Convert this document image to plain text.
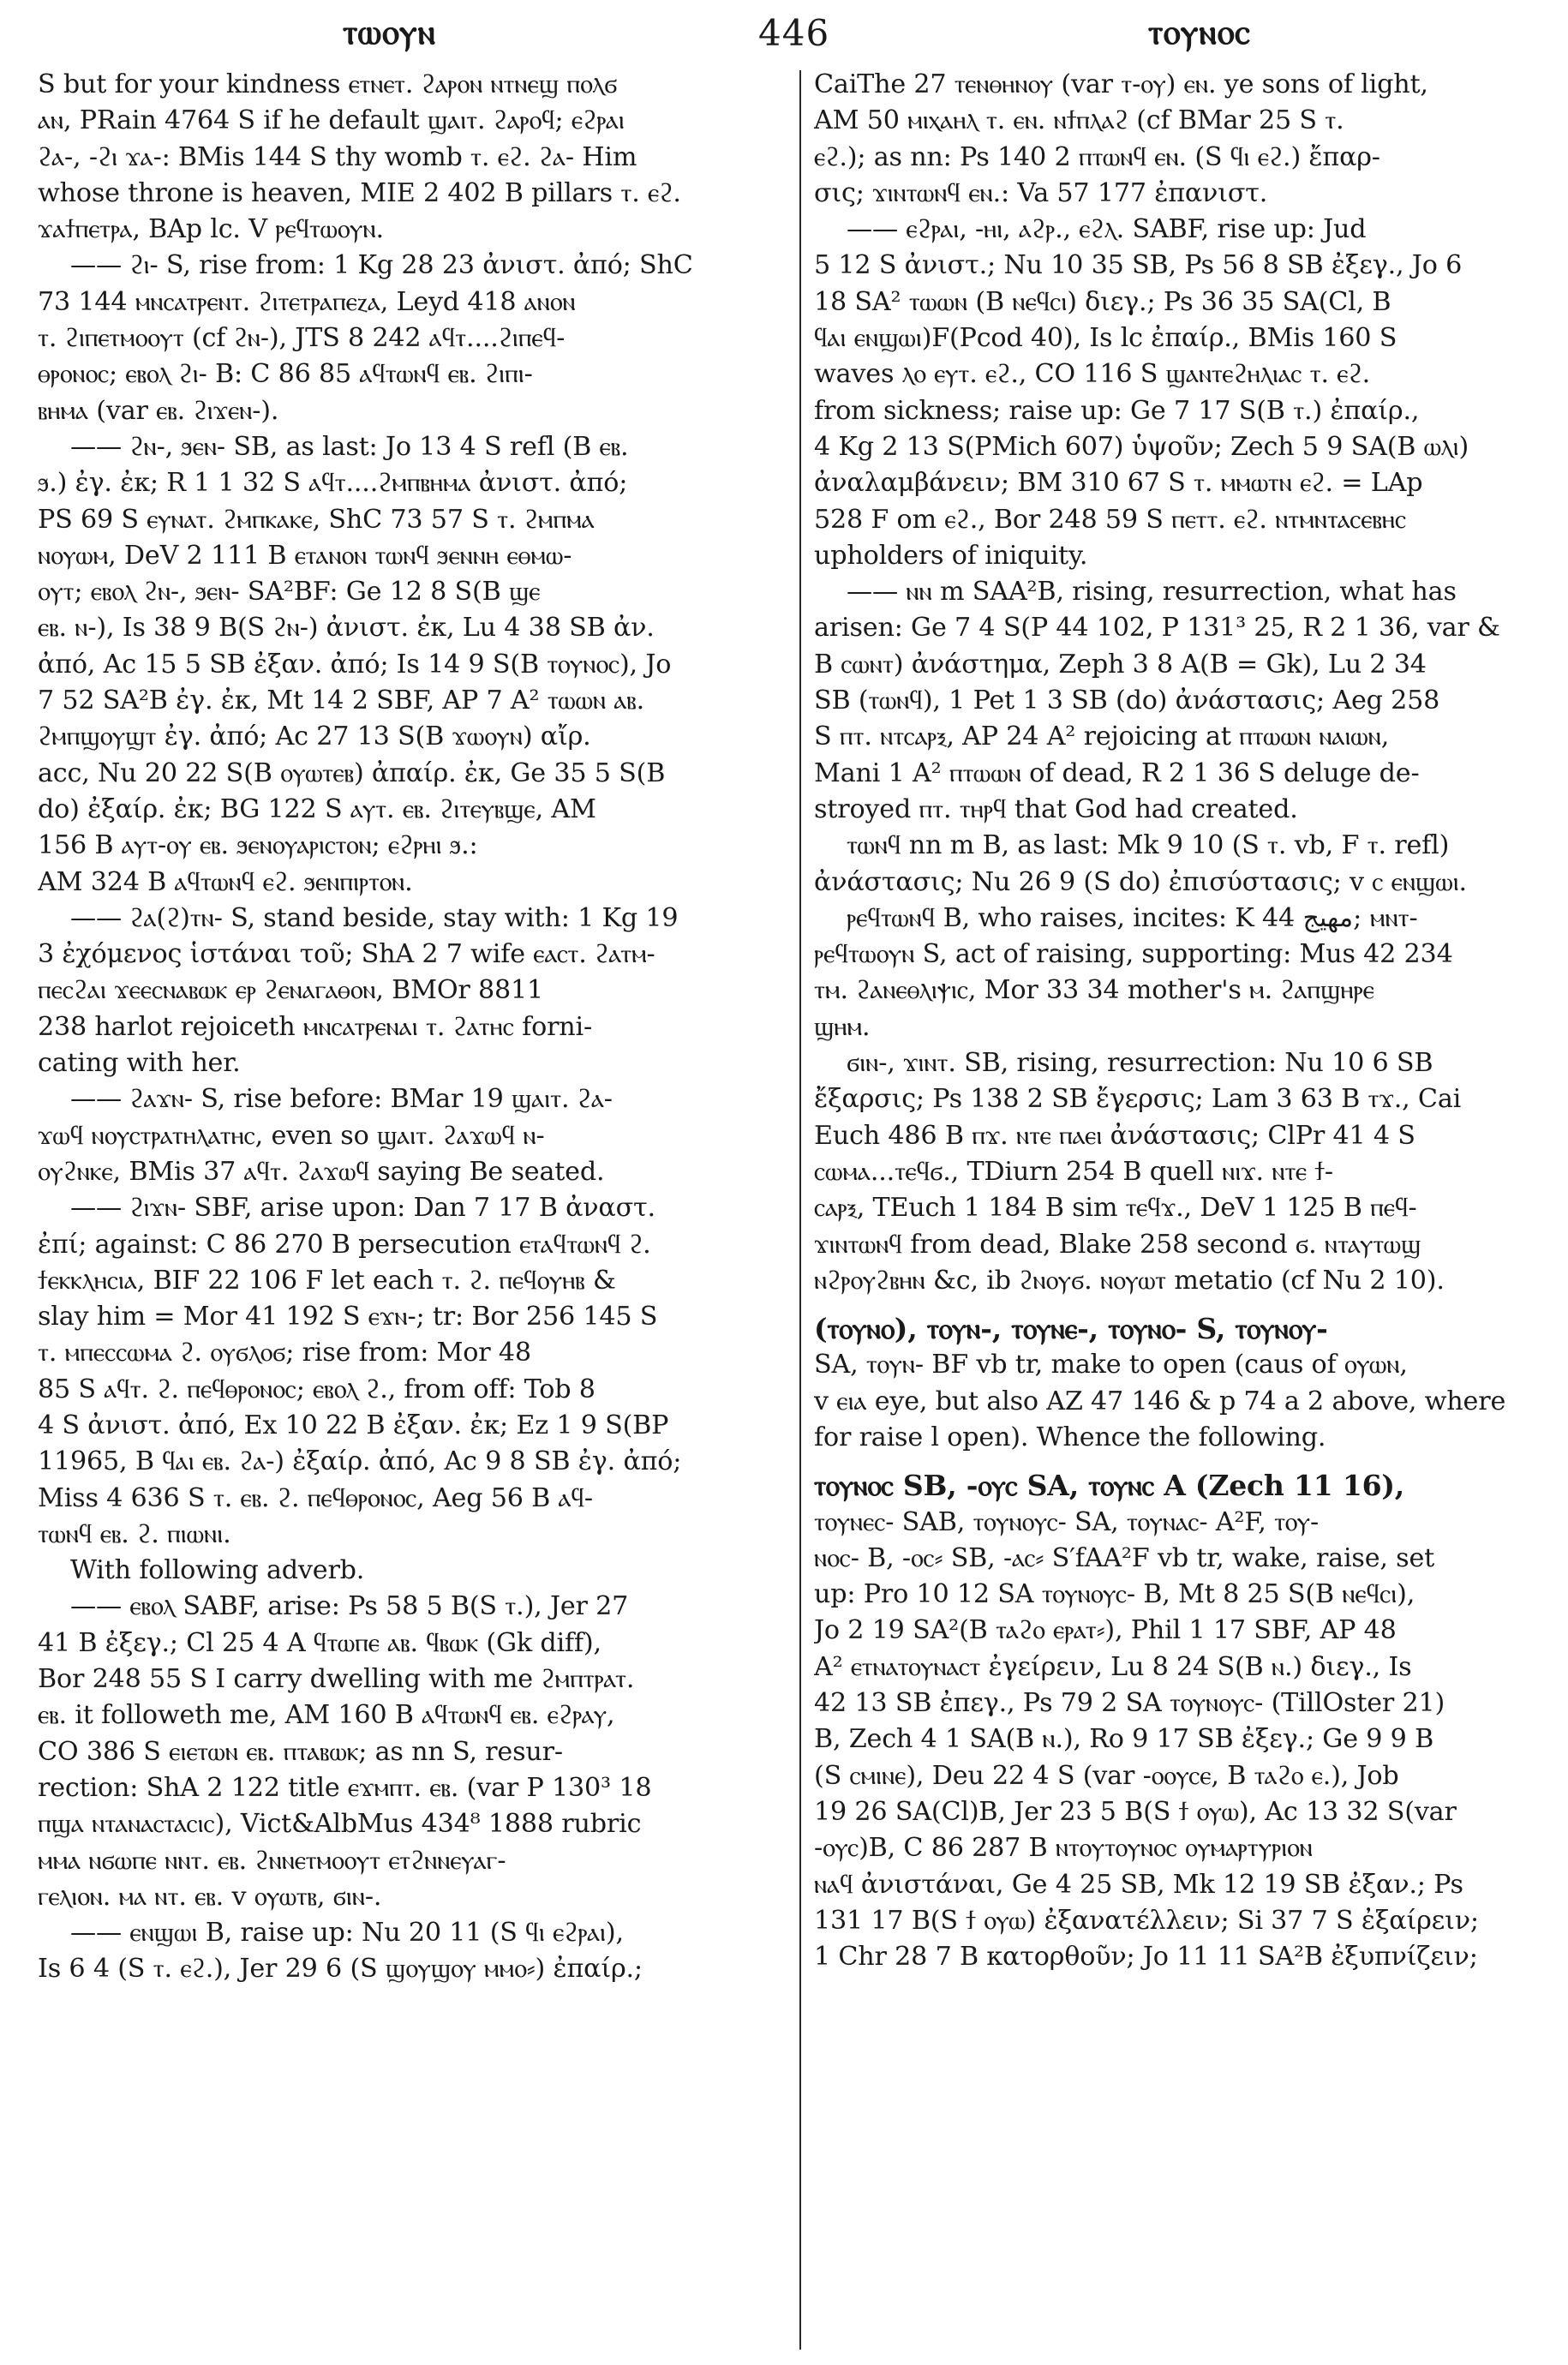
ⲧⲱⲟⲩⲛ	446	ⲧⲟⲩⲛⲟⲥ
S but for your kindness ⲉⲧⲛⲉⲧ. ϩⲁⲣⲟⲛ ⲛⲧⲛⲉϣ ⲡⲟⲗϭ
ⲁⲛ, PRain 4764 S if he default ϣⲁⲓⲧ. ϩⲁⲣⲟϥ; ⲉϩⲣⲁⲓ
ϩⲁ-, -ϩⲓ ϫⲁ-: BMis 144 S thy womb ⲧ. ⲉϩ. ϩⲁ- Him
whose throne is heaven, MIE 2 402 B pillars ⲧ. ⲉϩ.
ϫⲁϯⲡⲉⲧⲣⲁ, BAp lc. V ⲣⲉϥⲧⲱⲟⲩⲛ.
—— ϩⲓ- S, rise from: 1 Kg 28 23 ἀνιστ. ἀπό; ShC
73 144 ⲙⲛⲥⲁⲧⲣⲉⲛⲧ. ϩⲓⲧⲉⲧⲣⲁⲡⲉⲍⲁ, Leyd 418 ⲁⲛⲟⲛ
ⲧ. ϩⲓⲡⲉⲧⲙⲟⲟⲩⲧ (cf ϩⲛ-), JTS 8 242 ⲁϥⲧ....ϩⲓⲡⲉϥ-
ⲑⲣⲟⲛⲟⲥ; ⲉⲃⲟⲗ ϩⲓ- B: C 86 85 ⲁϥⲧⲱⲛϥ ⲉⲃ. ϩⲓⲡⲓ-
ⲃⲏⲙⲁ (var ⲉⲃ. ϩⲓϫⲉⲛ-).
—— ϩⲛ-, ϧⲉⲛ- SB, as last: Jo 13 4 S refl (B ⲉⲃ.
ϧ.) ἐγ. ἐκ; R 1 1 32 S ⲁϥⲧ....ϩⲙⲡⲃⲏⲙⲁ ἀνιστ. ἀπό;
PS 69 S ⲉⲩⲛⲁⲧ. ϩⲙⲡⲕⲁⲕⲉ, ShC 73 57 S ⲧ. ϩⲙⲡⲙⲁ
ⲛⲟⲩⲱⲙ, DeV 2 111 B ⲉⲧⲁⲛⲟⲛ ⲧⲱⲛϥ ϧⲉⲛⲛⲏ ⲉⲑⲙⲱ-
ⲟⲩⲧ; ⲉⲃⲟⲗ ϩⲛ-, ϧⲉⲛ- SA²BF: Ge 12 8 S(B ϣⲉ
ⲉⲃ. ⲛ-), Is 38 9 B(S ϩⲛ-) ἀνιστ. ἐκ, Lu 4 38 SB ἀν.
ἀπό, Ac 15 5 SB ἐξαν. ἀπό; Is 14 9 S(B ⲧⲟⲩⲛⲟⲥ), Jo
7 52 SA²B ἐγ. ἐκ, Mt 14 2 SBF, AP 7 A² ⲧⲱⲱⲛ ⲁⲃ.
ϩⲙⲡϣⲟⲩϣⲧ ἐγ. ἀπό; Ac 27 13 S(B ϫⲱⲟⲩⲛ) αἴρ.
acc, Nu 20 22 S(B ⲟⲩⲱⲧⲉⲃ) ἀπαίρ. ἐκ, Ge 35 5 S(B
do) ἐξαίρ. ἐκ; BG 122 S ⲁⲩⲧ. ⲉⲃ. ϩⲓⲧⲉⲩⲃϣⲉ, AM
156 B ⲁⲩⲧ-ⲟⲩ ⲉⲃ. ϧⲉⲛⲟⲩⲁⲣⲓⲥⲧⲟⲛ; ⲉϩⲣⲏⲓ ϧ.:
AM 324 B ⲁϥⲧⲱⲛϥ ⲉϩ. ϧⲉⲛⲡⲓⲣⲧⲟⲛ.
—— ϩⲁ(ϩ)ⲧⲛ- S, stand beside, stay with: 1 Kg 19
3 ἐχόμενος ἱστάναι τοῦ; ShA 2 7 wife ⲉⲁⲥⲧ. ϩⲁⲧⲙ-
ⲡⲉⲥϩⲁⲓ ϫⲉⲉⲥⲛⲁⲃⲱⲕ ⲉⲣ ϩⲉⲛⲁⲅⲁⲑⲟⲛ, BMOr 8811
238 harlot rejoiceth ⲙⲛⲥⲁⲧⲣⲉⲛⲁⲓ ⲧ. ϩⲁⲧⲏⲥ forni-
cating with her.
—— ϩⲁϫⲛ- S, rise before: BMar 19 ϣⲁⲓⲧ. ϩⲁ-
ϫⲱϥ ⲛⲟⲩⲥⲧⲣⲁⲧⲏⲗⲁⲧⲏⲥ, even so ϣⲁⲓⲧ. ϩⲁϫⲱϥ ⲛ-
ⲟⲩϩⲛⲕⲉ, BMis 37 ⲁϥⲧ. ϩⲁϫⲱϥ saying Be seated.
—— ϩⲓϫⲛ- SBF, arise upon: Dan 7 17 B ἀναστ.
ἐπί; against: C 86 270 B persecution ⲉⲧⲁϥⲧⲱⲛϥ ϩ.
ϯⲉⲕⲕⲗⲏⲥⲓⲁ, BIF 22 106 F let each ⲧ. ϩ. ⲡⲉϥⲟⲩⲏⲃ &
slay him = Mor 41 192 S ⲉϫⲛ-; tr: Bor 256 145 S
ⲧ. ⲙⲡⲉⲥⲥⲱⲙⲁ ϩ. ⲟⲩϭⲗⲟϭ; rise from: Mor 48
85 S ⲁϥⲧ. ϩ. ⲡⲉϥⲑⲣⲟⲛⲟⲥ; ⲉⲃⲟⲗ ϩ., from off: Tob 8
4 S ἀνιστ. ἀπό, Ex 10 22 B ἐξαν. ἐκ; Ez 1 9 S(BP
11965, B ϥⲁⲓ ⲉⲃ. ϩⲁ-) ἐξαίρ. ἀπό, Ac 9 8 SB ἐγ. ἀπό;
Miss 4 636 S ⲧ. ⲉⲃ. ϩ. ⲡⲉϥⲑⲣⲟⲛⲟⲥ, Aeg 56 B ⲁϥ-
ⲧⲱⲛϥ ⲉⲃ. ϩ. ⲡⲓⲱⲛⲓ.
With following adverb.
—— ⲉⲃⲟⲗ SABF, arise: Ps 58 5 B(S ⲧ.), Jer 27
41 B ἐξεγ.; Cl 25 4 A ϥⲧⲱⲡⲉ ⲁⲃ. ϥⲃⲱⲕ (Gk diff),
Bor 248 55 S I carry dwelling with me ϩⲙⲡⲧⲣⲁⲧ.
ⲉⲃ. it followeth me, AM 160 B ⲁϥⲧⲱⲛϥ ⲉⲃ. ⲉϩⲣⲁⲩ,
CO 386 S ⲉⲓⲉⲧⲱⲛ ⲉⲃ. ⲡⲧⲁⲃⲱⲕ; as nn S, resur-
rection: ShA 2 122 title ⲉϫⲙⲡⲧ. ⲉⲃ. (var P 130³ 18
ⲡϣⲁ ⲛⲧⲁⲛⲁⲥⲧⲁⲥⲓⲥ), Vict&AlbMus 434⁸ 1888 rubric
ⲙⲙⲁ ⲛϭⲱⲡⲉ ⲛⲛⲧ. ⲉⲃ. ϩⲛⲛⲉⲧⲙⲟⲟⲩⲧ ⲉⲧϩⲛⲛⲉⲩⲁⲅ-
ⲅⲉⲗⲓⲟⲛ. ⲙⲁ ⲛⲧ. ⲉⲃ. v ⲟⲩⲱⲧⲃ, ϭⲓⲛ-.
—— ⲉⲛϣⲱⲓ B, raise up: Nu 20 11 (S ϥⲓ ⲉϩⲣⲁⲓ),
Is 6 4 (S ⲧ. ⲉϩ.), Jer 29 6 (S ϣⲟⲩϣⲟⲩ ⲙⲙⲟ⸗) ἐπαίρ.;
CaiThe 27 ⲧⲉⲛⲑⲏⲛⲟⲩ (var ⲧ-ⲟⲩ) ⲉⲛ. ye sons of light,
AM 50 ⲙⲓⲭⲁⲏⲗ ⲧ. ⲉⲛ. ⲛϯⲡⲗⲁϩ (cf BMar 25 S ⲧ.
ⲉϩ.); as nn: Ps 140 2 ⲡⲧⲱⲛϥ ⲉⲛ. (S ϥⲓ ⲉϩ.) ἔπαρ-
σις; ϫⲓⲛⲧⲱⲛϥ ⲉⲛ.: Va 57 177 ἐπανιστ.
—— ⲉϩⲣⲁⲓ, -ⲏⲓ, ⲁϩⲣ., ⲉϩⲗ. SABF, rise up: Jud
5 12 S ἀνιστ.; Nu 10 35 SB, Ps 56 8 SB ἐξεγ., Jo 6
18 SA² ⲧⲱⲱⲛ (B ⲛⲉϥⲥⲓ) διεγ.; Ps 36 35 SA(Cl, B
ϥⲁⲓ ⲉⲛϣⲱⲓ)F(Pcod 40), Is lc ἐπαίρ., BMis 160 S
waves ⲗⲟ ⲉⲩⲧ. ⲉϩ., CO 116 S ϣⲁⲛⲧⲉϩⲏⲗⲓⲁⲥ ⲧ. ⲉϩ.
from sickness; raise up: Ge 7 17 S(B ⲧ.) ἐπαίρ.,
4 Kg 2 13 S(PMich 607) ὑψοῦν; Zech 5 9 SA(B ⲱⲗⲓ)
ἀναλαμβάνειν; BM 310 67 S ⲧ. ⲙⲙⲱⲧⲛ ⲉϩ. = LAp
528 F om ⲉϩ., Bor 248 59 S ⲡⲉⲧⲧ. ⲉϩ. ⲛⲧⲙⲛⲧⲁⲥⲉⲃⲏⲥ
upholders of iniquity.
—— ⲛⲛ m SAA²B, rising, resurrection, what has
arisen: Ge 7 4 S(P 44 102, P 131³ 25, R 2 1 36, var &
B ⲥⲱⲛⲧ) ἀνάστημα, Zeph 3 8 A(B = Gk), Lu 2 34
SB (ⲧⲱⲛϥ), 1 Pet 1 3 SB (do) ἀνάστασις; Aeg 258
S ⲡⲧ. ⲛⲧⲥⲁⲣⲝ, AP 24 A² rejoicing at ⲡⲧⲱⲱⲛ ⲛⲁⲓⲱⲛ,
Mani 1 A² ⲡⲧⲱⲱⲛ of dead, R 2 1 36 S deluge de-
stroyed ⲡⲧ. ⲧⲏⲣϥ that God had created.
ⲧⲱⲛϥ nn m B, as last: Mk 9 10 (S ⲧ. vb, F ⲧ. refl)
ἀνάστασις; Nu 26 9 (S do) ἐπισύστασις; v ⲥ ⲉⲛϣⲱⲓ.
ⲣⲉϥⲧⲱⲛϥ B, who raises, incites: K 44 ﻣﻬﻴﺞ; ⲙⲛⲧ-
ⲣⲉϥⲧⲱⲟⲩⲛ S, act of raising, supporting: Mus 42 234
ⲧⲙ. ϩⲁⲛⲉⲑⲗⲓⲯⲓⲥ, Mor 33 34 mother's ⲙ. ϩⲁⲡϣⲏⲣⲉ
ϣⲏⲙ.
ϭⲓⲛ-, ϫⲓⲛⲧ. SB, rising, resurrection: Nu 10 6 SB
ἔξαρσις; Ps 138 2 SB ἔγερσις; Lam 3 63 B ⲧϫ., Cai
Euch 486 B ⲡϫ. ⲛⲧⲉ ⲡⲁⲉⲓ ἀνάστασις; ClPr 41 4 S
ⲥⲱⲙⲁ...ⲧⲉϥϭ., TDiurn 254 B quell ⲛⲓϫ. ⲛⲧⲉ ϯ-
ⲥⲁⲣⲝ, TEuch 1 184 B sim ⲧⲉϥϫ., DeV 1 125 B ⲡⲉϥ-
ϫⲓⲛⲧⲱⲛϥ from dead, Blake 258 second ϭ. ⲛⲧⲁⲩⲧⲱϣ
ⲛϩⲣⲟⲩϩⲃⲏⲛ &c, ib ϩⲛⲟⲩϭ. ⲛⲟⲩⲱⲧ metatio (cf Nu 2 10).
(ⲧⲟⲩⲛⲟ), ⲧⲟⲩⲛ-, ⲧⲟⲩⲛⲉ-, ⲧⲟⲩⲛⲟ- S, ⲧⲟⲩⲛⲟⲩ-
SA, ⲧⲟⲩⲛ- BF vb tr, make to open (caus of ⲟⲩⲱⲛ,
v ⲉⲓⲁ eye, but also AZ 47 146 & p 74 a 2 above, where
for raise l open). Whence the following.
ⲧⲟⲩⲛⲟⲥ SB, -ⲟⲩⲥ SA, ⲧⲟⲩⲛⲥ A (Zech 11 16),
ⲧⲟⲩⲛⲉⲥ- SAB, ⲧⲟⲩⲛⲟⲩⲥ- SA, ⲧⲟⲩⲛⲁⲥ- A²F, ⲧⲟⲩ-
ⲛⲟⲥ- B, -ⲟⲥ⸗ SB, -ⲁⲥ⸗ S′fAA²F vb tr, wake, raise, set
up: Pro 10 12 SA ⲧⲟⲩⲛⲟⲩⲥ- B, Mt 8 25 S(B ⲛⲉϥⲥⲓ),
Jo 2 19 SA²(B ⲧⲁϩⲟ ⲉⲣⲁⲧ⸗), Phil 1 17 SBF, AP 48
A² ⲉⲧⲛⲁⲧⲟⲩⲛⲁⲥⲧ ἐγείρειν, Lu 8 24 S(B ⲛ.) διεγ., Is
42 13 SB ἐπεγ., Ps 79 2 SA ⲧⲟⲩⲛⲟⲩⲥ- (TillOster 21)
B, Zech 4 1 SA(B ⲛ.), Ro 9 17 SB ἐξεγ.; Ge 9 9 B
(S ⲥⲙⲓⲛⲉ), Deu 22 4 S (var -ⲟⲟⲩⲥⲉ, B ⲧⲁϩⲟ ⲉ.), Job
19 26 SA(Cl)B, Jer 23 5 B(S ϯ ⲟⲩⲱ), Ac 13 32 S(var
-ⲟⲩⲥ)B, C 86 287 B ⲛⲧⲟⲩⲧⲟⲩⲛⲟⲥ ⲟⲩⲙⲁⲣⲧⲩⲣⲓⲟⲛ
ⲛⲁϥ ἀνιστάναι, Ge 4 25 SB, Mk 12 19 SB ἐξαν.; Ps
131 17 B(S ϯ ⲟⲩⲱ) ἐξανατέλλειν; Si 37 7 S ἐξαίρειν;
1 Chr 28 7 B κατορθοῦν; Jo 11 11 SA²B ἐξυπνίζειν;
